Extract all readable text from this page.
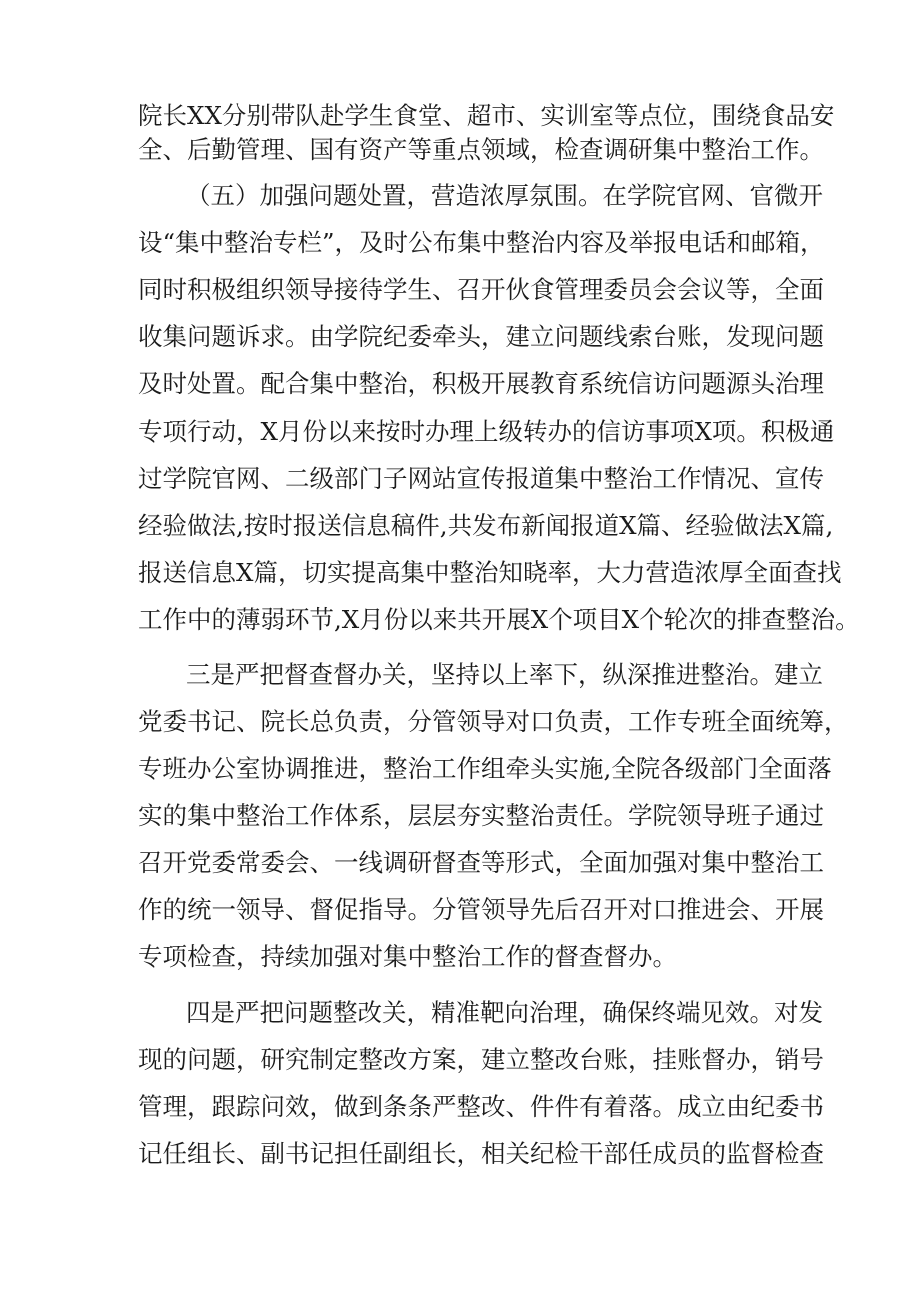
院长XX分别带队赴学生食堂、超市、实训室等点位，围绕食品安
全、后勤管理、国有资产等重点领域，检查调研集中整治工作。
（五）加强问题处置，营造浓厚氛围。在学院官网、官微开
设“集中整治专栏”，及时公布集中整治内容及举报电话和邮箱，
同时积极组织领导接待学生、召开伙食管理委员会会议等，全面
收集问题诉求。由学院纪委牵头，建立问题线索台账，发现问题
及时处置。配合集中整治，积极开展教育系统信访问题源头治理
专项行动，X月份以来按时办理上级转办的信访事项X项。积极通
过学院官网、二级部门子网站宣传报道集中整治工作情况、宣传
经验做法,按时报送信息稿件,共发布新闻报道X篇、经验做法X篇,
报送信息X篇，切实提高集中整治知晓率，大力营造浓厚全面查找
工作中的薄弱环节,X月份以来共开展X个项目X个轮次的排查整治。
三是严把督查督办关，坚持以上率下，纵深推进整治。建立
党委书记、院长总负责，分管领导对口负责，工作专班全面统筹，
专班办公室协调推进，整治工作组牵头实施,全院各级部门全面落
实的集中整治工作体系，层层夯实整治责任。学院领导班子通过
召开党委常委会、一线调研督查等形式，全面加强对集中整治工
作的统一领导、督促指导。分管领导先后召开对口推进会、开展
专项检查，持续加强对集中整治工作的督查督办。
四是严把问题整改关，精准靶向治理，确保终端见效。对发
现的问题，研究制定整改方案，建立整改台账，挂账督办，销号
管理，跟踪问效，做到条条严整改、件件有着落。成立由纪委书
记任组长、副书记担任副组长，相关纪检干部任成员的监督检查
